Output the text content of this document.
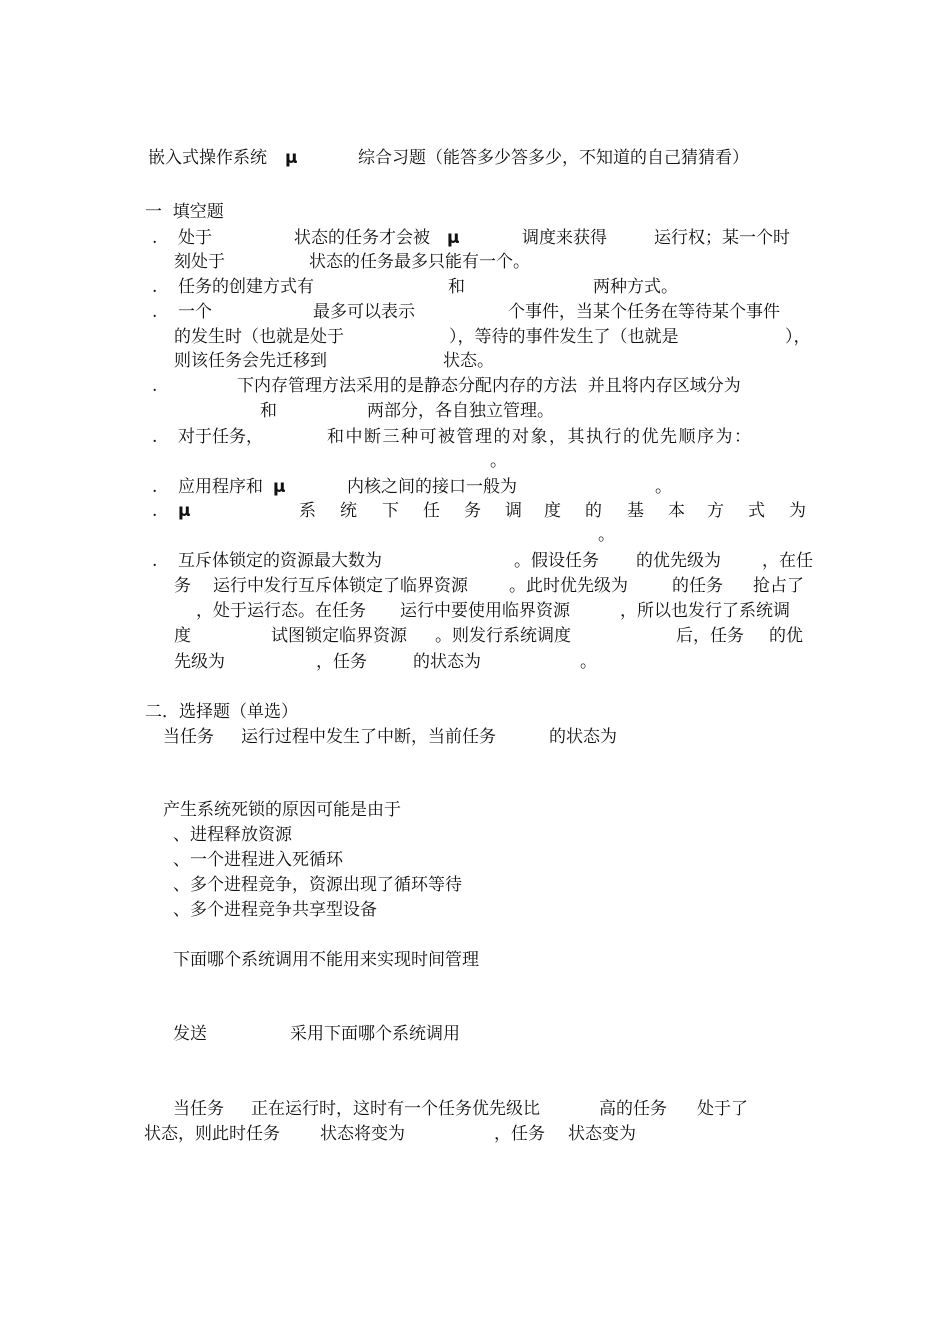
嵌入式操作系统 μ	综合习题（能答多少答多少，不知道的自己猜猜看）
一  填空题
. 处于	状态的任务才会被 μ	调度来获得	运行权；某一个时
刻处于	状态的任务最多只能有一个。
. 任务的创建方式有	和	两种方式。
. 一个	最多可以表示	个事件，当某个任务在等待某个事件
的发生时（也就是处于	），等待的事件发生了（也就是	），
则该任务会先迁移到	状态。
.	下内存管理方法采用的是静态分配内存的方法  并且将内存区域分为
和	两部分，各自独立管理。
. 对于任务，	和中断三种可被管理的对象，其执行的优先顺序为：
。
. 应用程序和 μ	内核之间的接口一般为	。
. μ	系 统 下 任 务 调 度 的 基 本 方 式 为
。
. 互斥体锁定的资源最大数为	。假设任务 的优先级为 ，在任
务 运行中发行互斥体锁定了临界资源 。此时优先级为	的任务 抢占了
，处于运行态。在任务 运行中要使用临界资源	，所以也发行了系统调
度	试图锁定临界资源 。则发行系统调度	后，任务 的优
先级为	，任务	的状态为	。
二．选择题（单选）
当任务 运行过程中发生了中断，当前任务	的状态为
产生系统死锁的原因可能是由于
、进程释放资源
、一个进程进入死循环
、多个进程竞争，资源出现了循环等待
、多个进程竞争共享型设备
下面哪个系统调用不能用来实现时间管理
发送	采用下面哪个系统调用
当任务 正在运行时，这时有一个任务优先级比	高的任务 处于了
状态，则此时任务 状态将变为	，任务 状态变为
